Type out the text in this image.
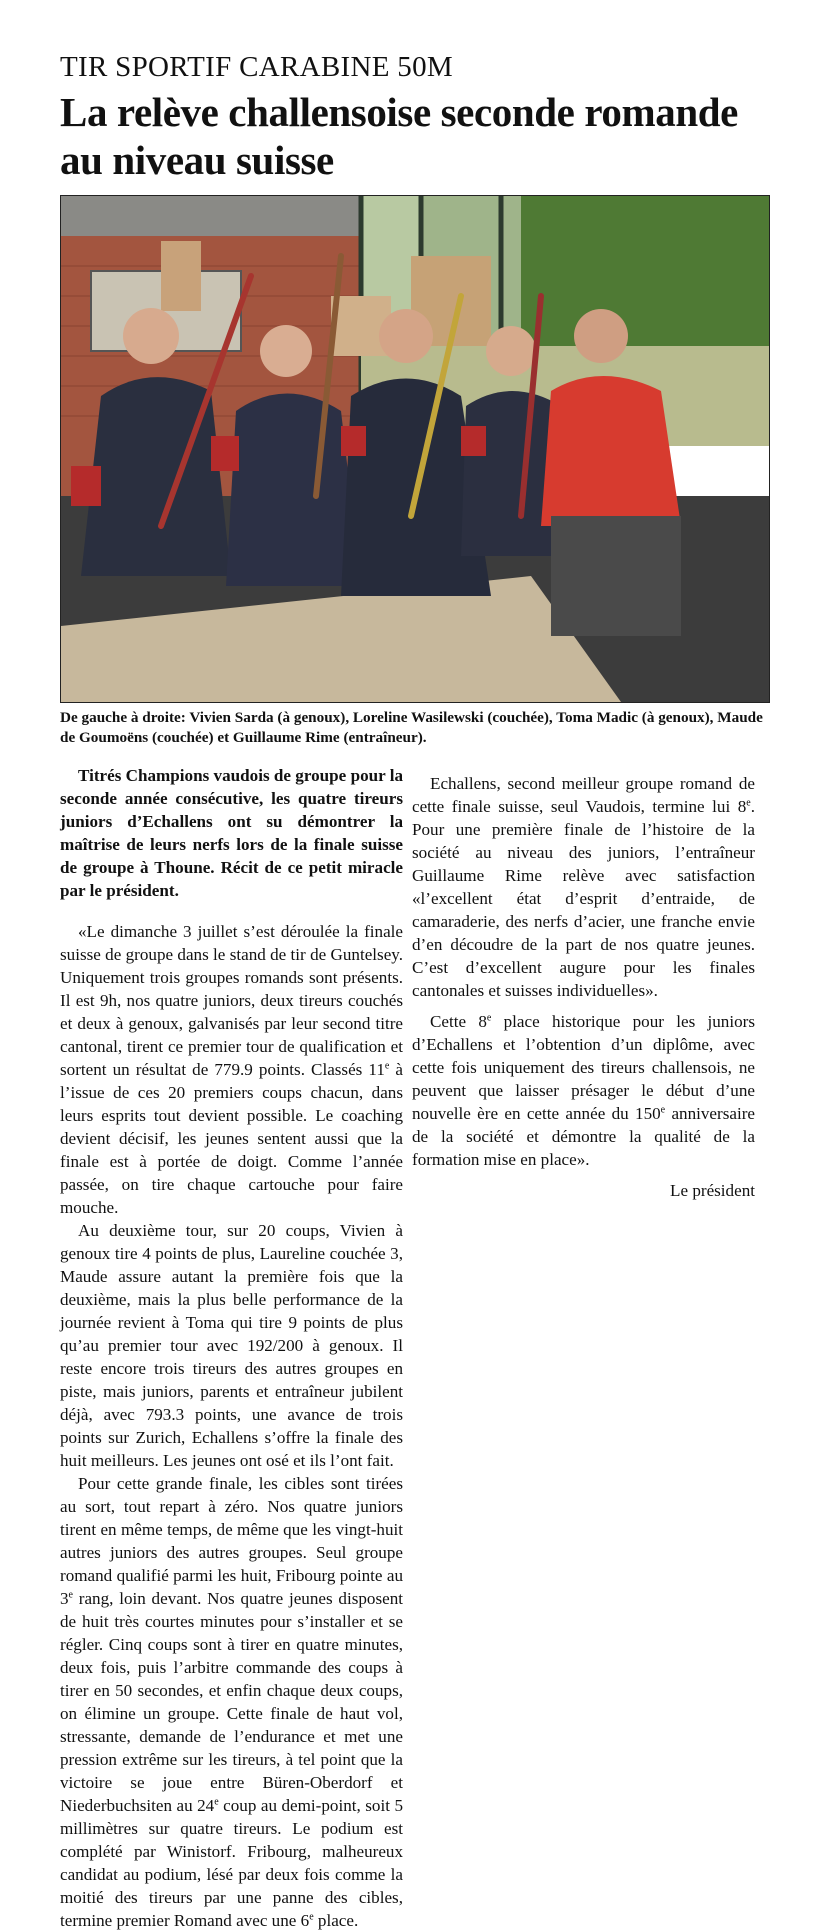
TIR SPORTIF CARABINE 50M
La relève challensoise seconde romande au niveau suisse
De gauche à droite: Vivien Sarda (à genoux), Loreline Wasilewski (couchée), Toma Madic (à genoux), Maude de Goumoëns (couchée) et Guillaume Rime (entraîneur).

Titrés Champions vaudois de groupe pour la seconde année consécutive, les quatre tireurs juniors d’Echallens ont su démontrer la maîtrise de leurs nerfs lors de la finale suisse de groupe à Thoune. Récit de ce petit miracle par le président.

«Le dimanche 3 juillet s’est déroulée la finale suisse de groupe dans le stand de tir de Guntelsey. Uniquement trois groupes romands sont présents. Il est 9h, nos quatre juniors, deux tireurs couchés et deux à genoux, galvanisés par leur second titre cantonal, tirent ce premier tour de qualification et sortent un résultat de 779.9 points. Classés 11e à l’issue de ces 20 premiers coups chacun, dans leurs esprits tout devient possible. Le coaching devient décisif, les jeunes sentent aussi que la finale est à portée de doigt. Comme l’année passée, on tire chaque cartouche pour faire mouche.

Au deuxième tour, sur 20 coups, Vivien à genoux tire 4 points de plus, Laureline couchée 3, Maude assure autant la première fois que la deuxième, mais la plus belle performance de la journée revient à Toma qui tire 9 points de plus qu’au premier tour avec 192/200 à genoux. Il reste encore trois tireurs des autres groupes en piste, mais juniors, parents et entraîneur jubilent déjà, avec 793.3 points, une avance de trois points sur Zurich, Echallens s’offre la finale des huit meilleurs. Les jeunes ont osé et ils l’ont fait.

Pour cette grande finale, les cibles sont tirées au sort, tout repart à zéro. Nos quatre juniors tirent en même temps, de même que les vingt-huit autres juniors des autres groupes. Seul groupe romand qualifié parmi les huit, Fribourg pointe au 3e rang, loin devant. Nos quatre jeunes disposent de huit très courtes minutes pour s’installer et se régler. Cinq coups sont à tirer en quatre minutes, deux fois, puis l’arbitre commande des coups à tirer en 50 secondes, et enfin chaque deux coups, on élimine un groupe. Cette finale de haut vol, stressante, demande de l’endurance et met une pression extrême sur les tireurs, à tel point que la victoire se joue entre Büren-Oberdorf et Niederbuchsiten au 24e coup au demi-point, soit 5 millimètres sur quatre tireurs. Le podium est complété par Winistorf. Fribourg, malheureux candidat au podium, lésé par deux fois comme la moitié des tireurs par une panne des cibles, termine premier Romand avec une 6e place.

Echallens, second meilleur groupe romand de cette finale suisse, seul Vaudois, termine lui 8e. Pour une première finale de l’histoire de la société au niveau des juniors, l’entraîneur Guillaume Rime relève avec satisfaction «l’excellent état d’esprit d’entraide, de camaraderie, des nerfs d’acier, une franche envie d’en découdre de la part de nos quatre jeunes. C’est d’excellent augure pour les finales cantonales et suisses individuelles».

Cette 8e place historique pour les juniors d’Echallens et l’obtention d’un diplôme, avec cette fois uniquement des tireurs challensois, ne peuvent que laisser présager le début d’une nouvelle ère en cette année du 150e anniversaire de la société et démontre la qualité de la formation mise en place».

Le président
